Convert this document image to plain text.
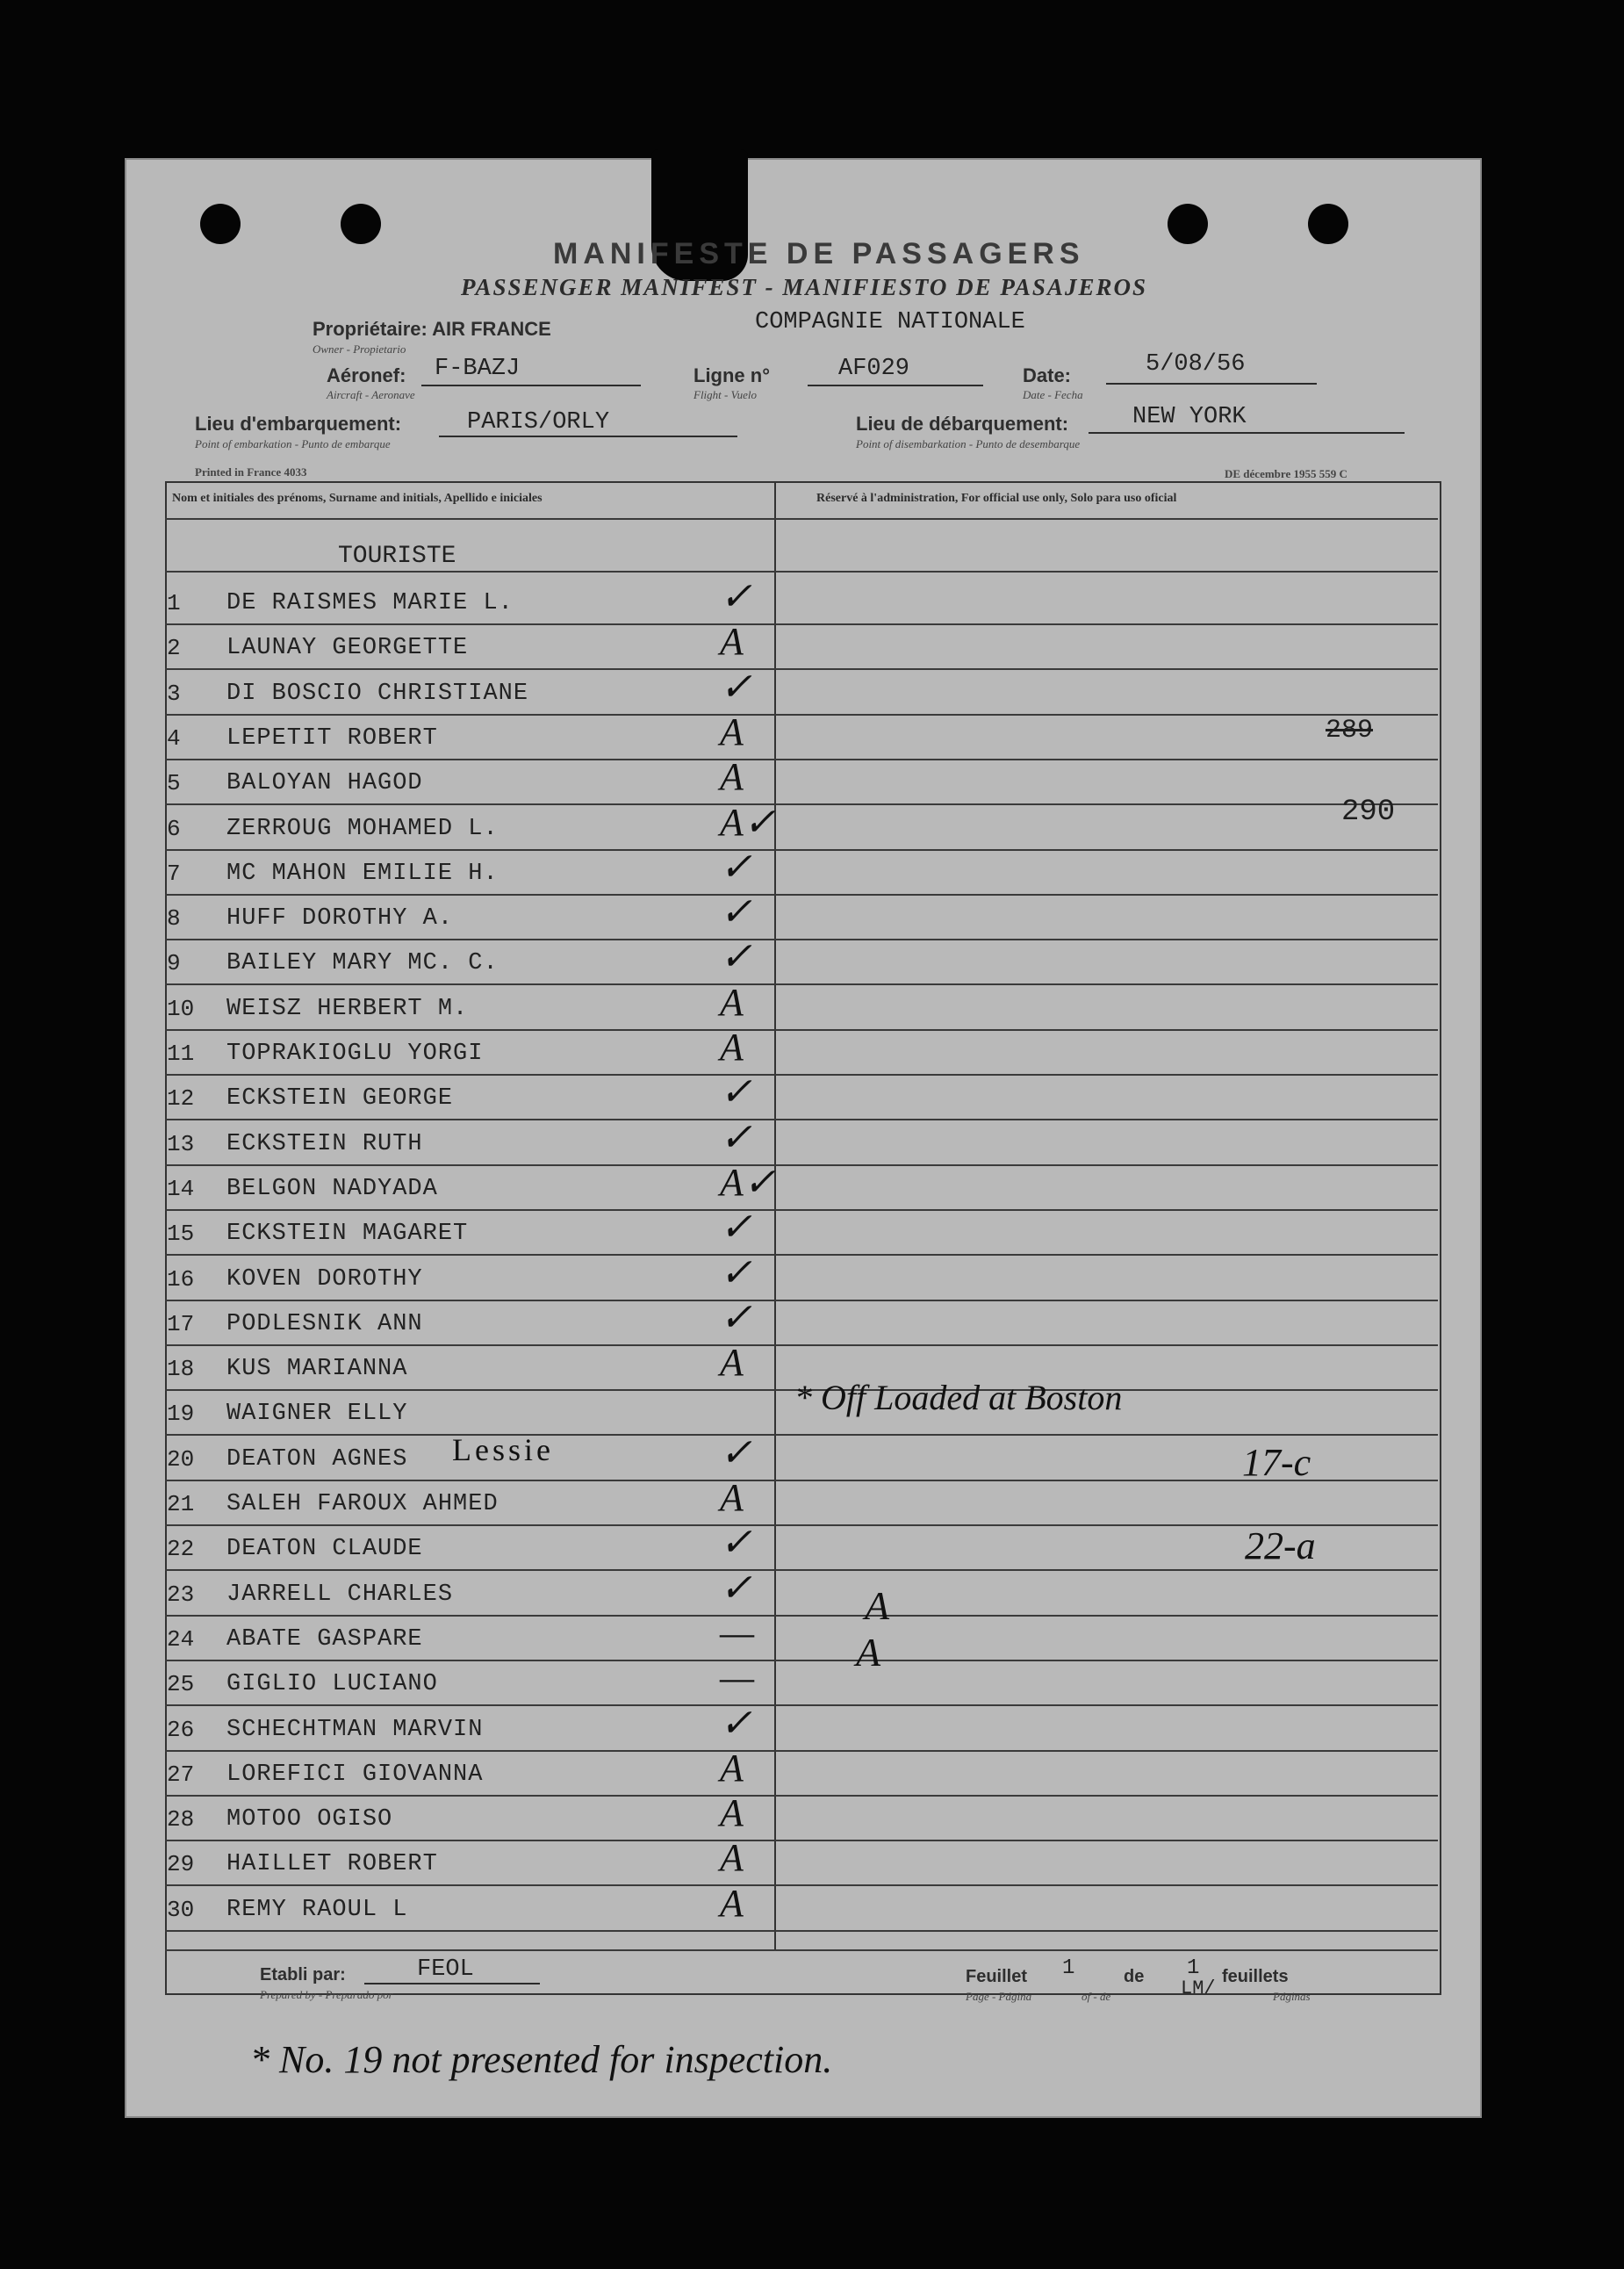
MANIFESTE DE PASSAGERS
PASSENGER MANIFEST - MANIFIESTO DE PASAJEROS
Propriétaire: AIR FRANCE
Owner - Propietario
COMPAGNIE NATIONALE
Aéronef:
Aircraft - Aeronave
F-BAZJ	Ligne n°
Flight - Vuelo
AF029	Date:
Date - Fecha
5/08/56
Lieu d'embarquement:
Point of embarkation - Punto de embarque
PARIS/ORLY	Lieu de débarquement:
Point of disembarkation - Punto de desembarque
NEW YORK
Printed in France 4033	DE décembre 1955 559 C
Nom et initiales des prénoms, Surname and initials, Apellido e iniciales	Réservé à l'administration, For official use only, Solo para uso oficial
TOURISTE
1 DE RAISMES MARIE L.	✓
2 LAUNAY GEORGETTE	A
3 DI BOSCIO CHRISTIANE	✓
4 LEPETIT ROBERT	A
5 BALOYAN HAGOD	A
6 ZERROUG MOHAMED L.	A✓
7 MC MAHON EMILIE H.	✓
8 HUFF DOROTHY A.	✓
9 BAILEY MARY MC. C.	✓
10 WEISZ HERBERT M.	A
11 TOPRAKIOGLU YORGI	A
12 ECKSTEIN GEORGE	✓
13 ECKSTEIN RUTH	✓
14 BELGON NADYADA	A✓
15 ECKSTEIN MAGARET	✓
16 KOVEN DOROTHY	✓
17 PODLESNIK ANN	✓
18 KUS MARIANNA	A
19 WAIGNER ELLY
20 DEATON AGNES	✓
21 SALEH FAROUX AHMED	A
22 DEATON CLAUDE	✓
23 JARRELL CHARLES	✓
24 ABATE GASPARE	—
25 GIGLIO LUCIANO	—
26 SCHECHTMAN MARVIN	✓
27 LOREFICI GIOVANNA	A
28 MOTOO OGISO	A
29 HAILLET ROBERT	A
30 REMY RAOUL L	A
289
290
* Off Loaded at Boston
Lessie	17-c
22-a
A
A
Etabli par:
Prepared by - Preparado por
FEOL	Feuillet 1	de 1 feuillets
Page - Página	of - de	LM/	Páginas
* No. 19 not presented for inspection.
